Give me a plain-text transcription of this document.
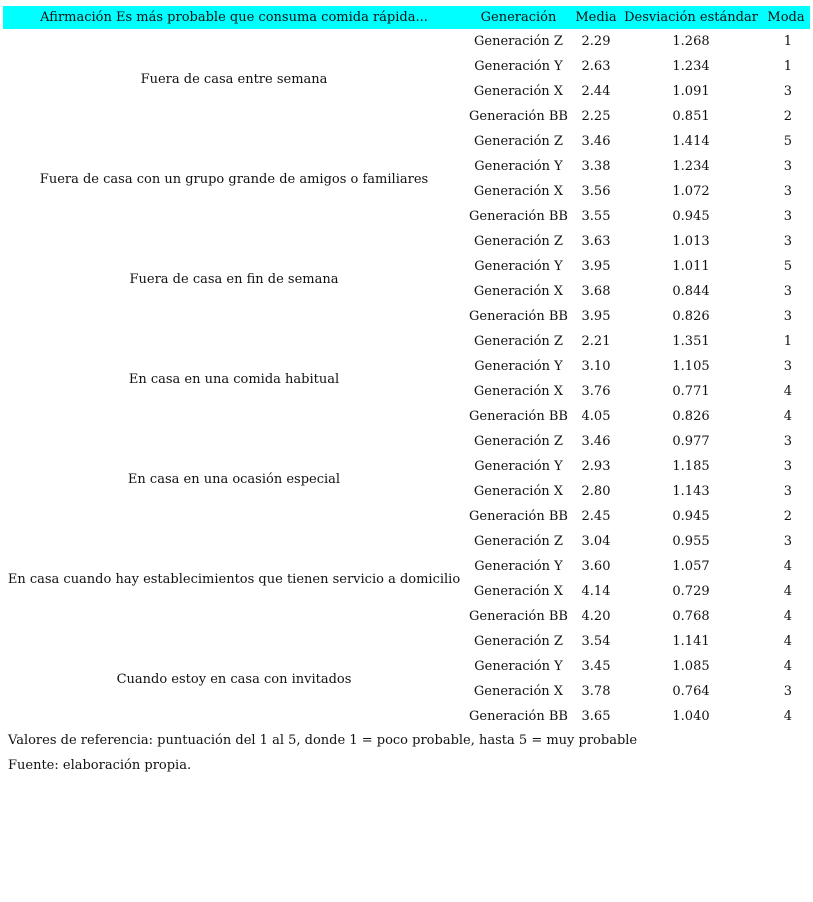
Afirmación Es más probable que consuma comida rápida...	Generación	Media	Desviación estándar	Moda
Fuera de casa entre semana	Generación Z	2.29	1.268	1
	Generación Y	2.63	1.234	1
	Generación X	2.44	1.091	3
	Generación BB	2.25	0.851	2
Fuera de casa con un grupo grande de amigos o familiares	Generación Z	3.46	1.414	5
	Generación Y	3.38	1.234	3
	Generación X	3.56	1.072	3
	Generación BB	3.55	0.945	3
Fuera de casa en fin de semana	Generación Z	3.63	1.013	3
	Generación Y	3.95	1.011	5
	Generación X	3.68	0.844	3
	Generación BB	3.95	0.826	3
En casa en una comida habitual	Generación Z	2.21	1.351	1
	Generación Y	3.10	1.105	3
	Generación X	3.76	0.771	4
	Generación BB	4.05	0.826	4
En casa en una ocasión especial	Generación Z	3.46	0.977	3
	Generación Y	2.93	1.185	3
	Generación X	2.80	1.143	3
	Generación BB	2.45	0.945	2
En casa cuando hay establecimientos que tienen servicio a domicilio	Generación Z	3.04	0.955	3
	Generación Y	3.60	1.057	4
	Generación X	4.14	0.729	4
	Generación BB	4.20	0.768	4
Cuando estoy en casa con invitados	Generación Z	3.54	1.141	4
	Generación Y	3.45	1.085	4
	Generación X	3.78	0.764	3
	Generación BB	3.65	1.040	4
Valores de referencia: puntuación del 1 al 5, donde 1 = poco probable, hasta 5 = muy probable
Fuente: elaboración propia.
